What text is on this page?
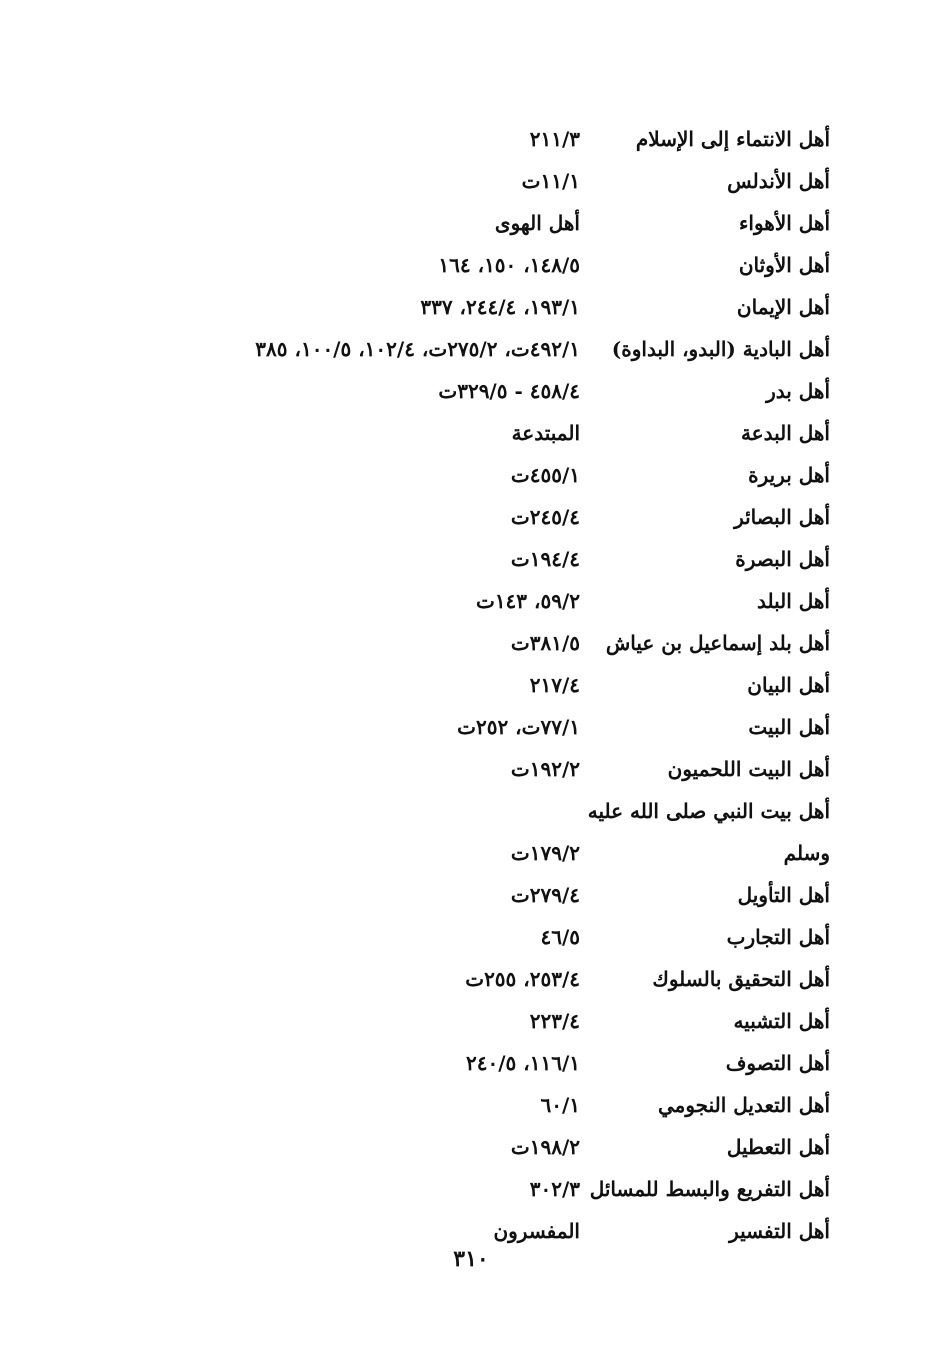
أهل الانتماء إلى الإسلام
٢١١/٣
أهل الأندلس
١١/١ت
أهل الأهواء
أهل الهوى
أهل الأوثان
١٤٨/٥، ١٥٠، ١٦٤
أهل الإيمان
١٩٣/١، ٢٤٤/٤، ٣٣٧
أهل البادية (البدو، البداوة)
٤٩٢/١ت، ٢٧٥/٢ت، ١٠٢/٤، ١٠٠/٥، ٣٨٥
أهل بدر
٤٥٨/٤ - ٣٢٩/٥ت
أهل البدعة
المبتدعة
أهل بريرة
٤٥٥/١ت
أهل البصائر
٢٤٥/٤ت
أهل البصرة
١٩٤/٤ت
أهل البلد
٥٩/٢، ١٤٣ت
أهل بلد إسماعيل بن عياش
٣٨١/٥ت
أهل البيان
٢١٧/٤
أهل البيت
٧٧/١ت، ٢٥٢ت
أهل البيت اللحميون
١٩٢/٢ت
أهل بيت النبي صلى الله عليه
وسلم
١٧٩/٢ت
أهل التأويل
٢٧٩/٤ت
أهل التجارب
٤٦/٥
أهل التحقيق بالسلوك
٢٥٣/٤، ٢٥٥ت
أهل التشبيه
٢٢٣/٤
أهل التصوف
١١٦/١، ٢٤٠/٥
أهل التعديل النجومي
٦٠/١
أهل التعطيل
١٩٨/٢ت
أهل التفريع والبسط للمسائل
٣٠٢/٣
أهل التفسير
المفسرون
٣١٠
